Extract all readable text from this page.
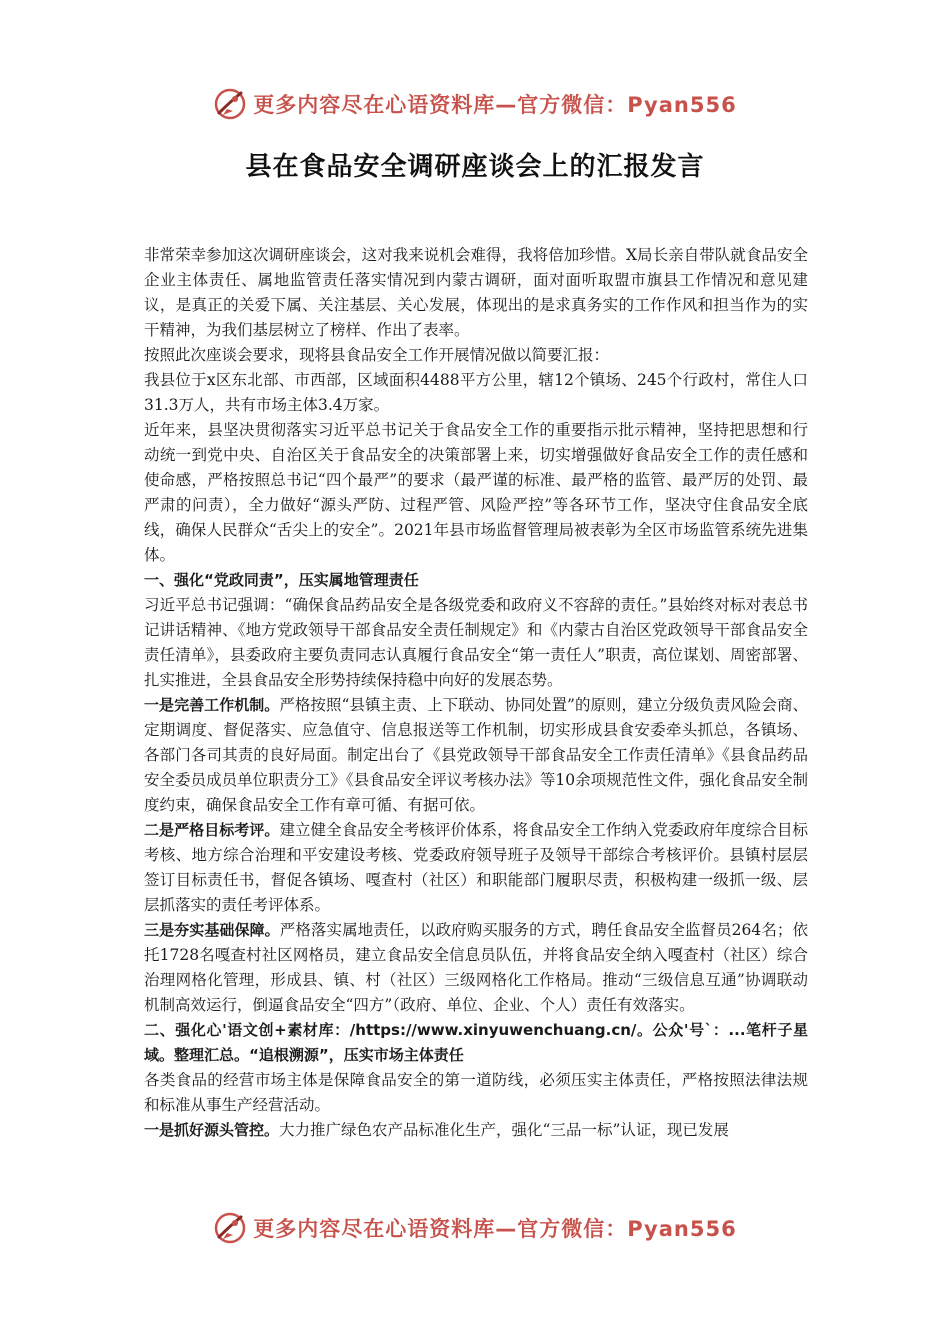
更多内容尽在心语资料库—官方微信：Pyan556
县在食品安全调研座谈会上的汇报发言

非常荣幸参加这次调研座谈会，这对我来说机会难得，我将倍加珍惜。X局长亲自带队就食品安全企业主体责任、属地监管责任落实情况到内蒙古调研，面对面听取盟市旗县工作情况和意见建议，是真正的关爱下属、关注基层、关心发展，体现出的是求真务实的工作作风和担当作为的实干精神，为我们基层树立了榜样、作出了表率。

按照此次座谈会要求，现将县食品安全工作开展情况做以简要汇报：

我县位于x区东北部、市西部，区域面积4488平方公里，辖12个镇场、245个行政村，常住人口31.3万人，共有市场主体3.4万家。

近年来，县坚决贯彻落实习近平总书记关于食品安全工作的重要指示批示精神，坚持把思想和行动统一到党中央、自治区关于食品安全的决策部署上来，切实增强做好食品安全工作的责任感和使命感，严格按照总书记“四个最严”的要求（最严谨的标准、最严格的监管、最严厉的处罚、最严肃的问责），全力做好“源头严防、过程严管、风险严控”等各环节工作，坚决守住食品安全底线，确保人民群众“舌尖上的安全”。2021年县市场监督管理局被表彰为全区市场监管系统先进集体。

一、强化“党政同责”，压实属地管理责任

习近平总书记强调：“确保食品药品安全是各级党委和政府义不容辞的责任。”县始终对标对表总书记讲话精神、《地方党政领导干部食品安全责任制规定》和《内蒙古自治区党政领导干部食品安全责任清单》，县委政府主要负责同志认真履行食品安全“第一责任人”职责，高位谋划、周密部署、扎实推进，全县食品安全形势持续保持稳中向好的发展态势。

一是完善工作机制。严格按照“县镇主责、上下联动、协同处置”的原则，建立分级负责风险会商、定期调度、督促落实、应急值守、信息报送等工作机制，切实形成县食安委牵头抓总，各镇场、各部门各司其责的良好局面。制定出台了《县党政领导干部食品安全工作责任清单》《县食品药品安全委员成员单位职责分工》《县食品安全评议考核办法》等10余项规范性文件，强化食品安全制度约束，确保食品安全工作有章可循、有据可依。

二是严格目标考评。建立健全食品安全考核评价体系，将食品安全工作纳入党委政府年度综合目标考核、地方综合治理和平安建设考核、党委政府领导班子及领导干部综合考核评价。县镇村层层签订目标责任书，督促各镇场、嘎查村（社区）和职能部门履职尽责，积极构建一级抓一级、层层抓落实的责任考评体系。

三是夯实基础保障。严格落实属地责任，以政府购买服务的方式，聘任食品安全监督员264名；依托1728名嘎查村社区网格员，建立食品安全信息员队伍，并将食品安全纳入嘎查村（社区）综合治理网格化管理，形成县、镇、村（社区）三级网格化工作格局。推动“三级信息互通”协调联动机制高效运行，倒逼食品安全“四方”（政府、单位、企业、个人）责任有效落实。

二、强化心'语文创+素材库：/https://www.xinyuwenchuang.cn/。公众'号`：...笔杆子星域。整理汇总。“追根溯源”，压实市场主体责任

各类食品的经营市场主体是保障食品安全的第一道防线，必须压实主体责任，严格按照法律法规和标准从事生产经营活动。

一是抓好源头管控。大力推广绿色农产品标准化生产，强化“三品一标”认证，现已发展

更多内容尽在心语资料库—官方微信：Pyan556
